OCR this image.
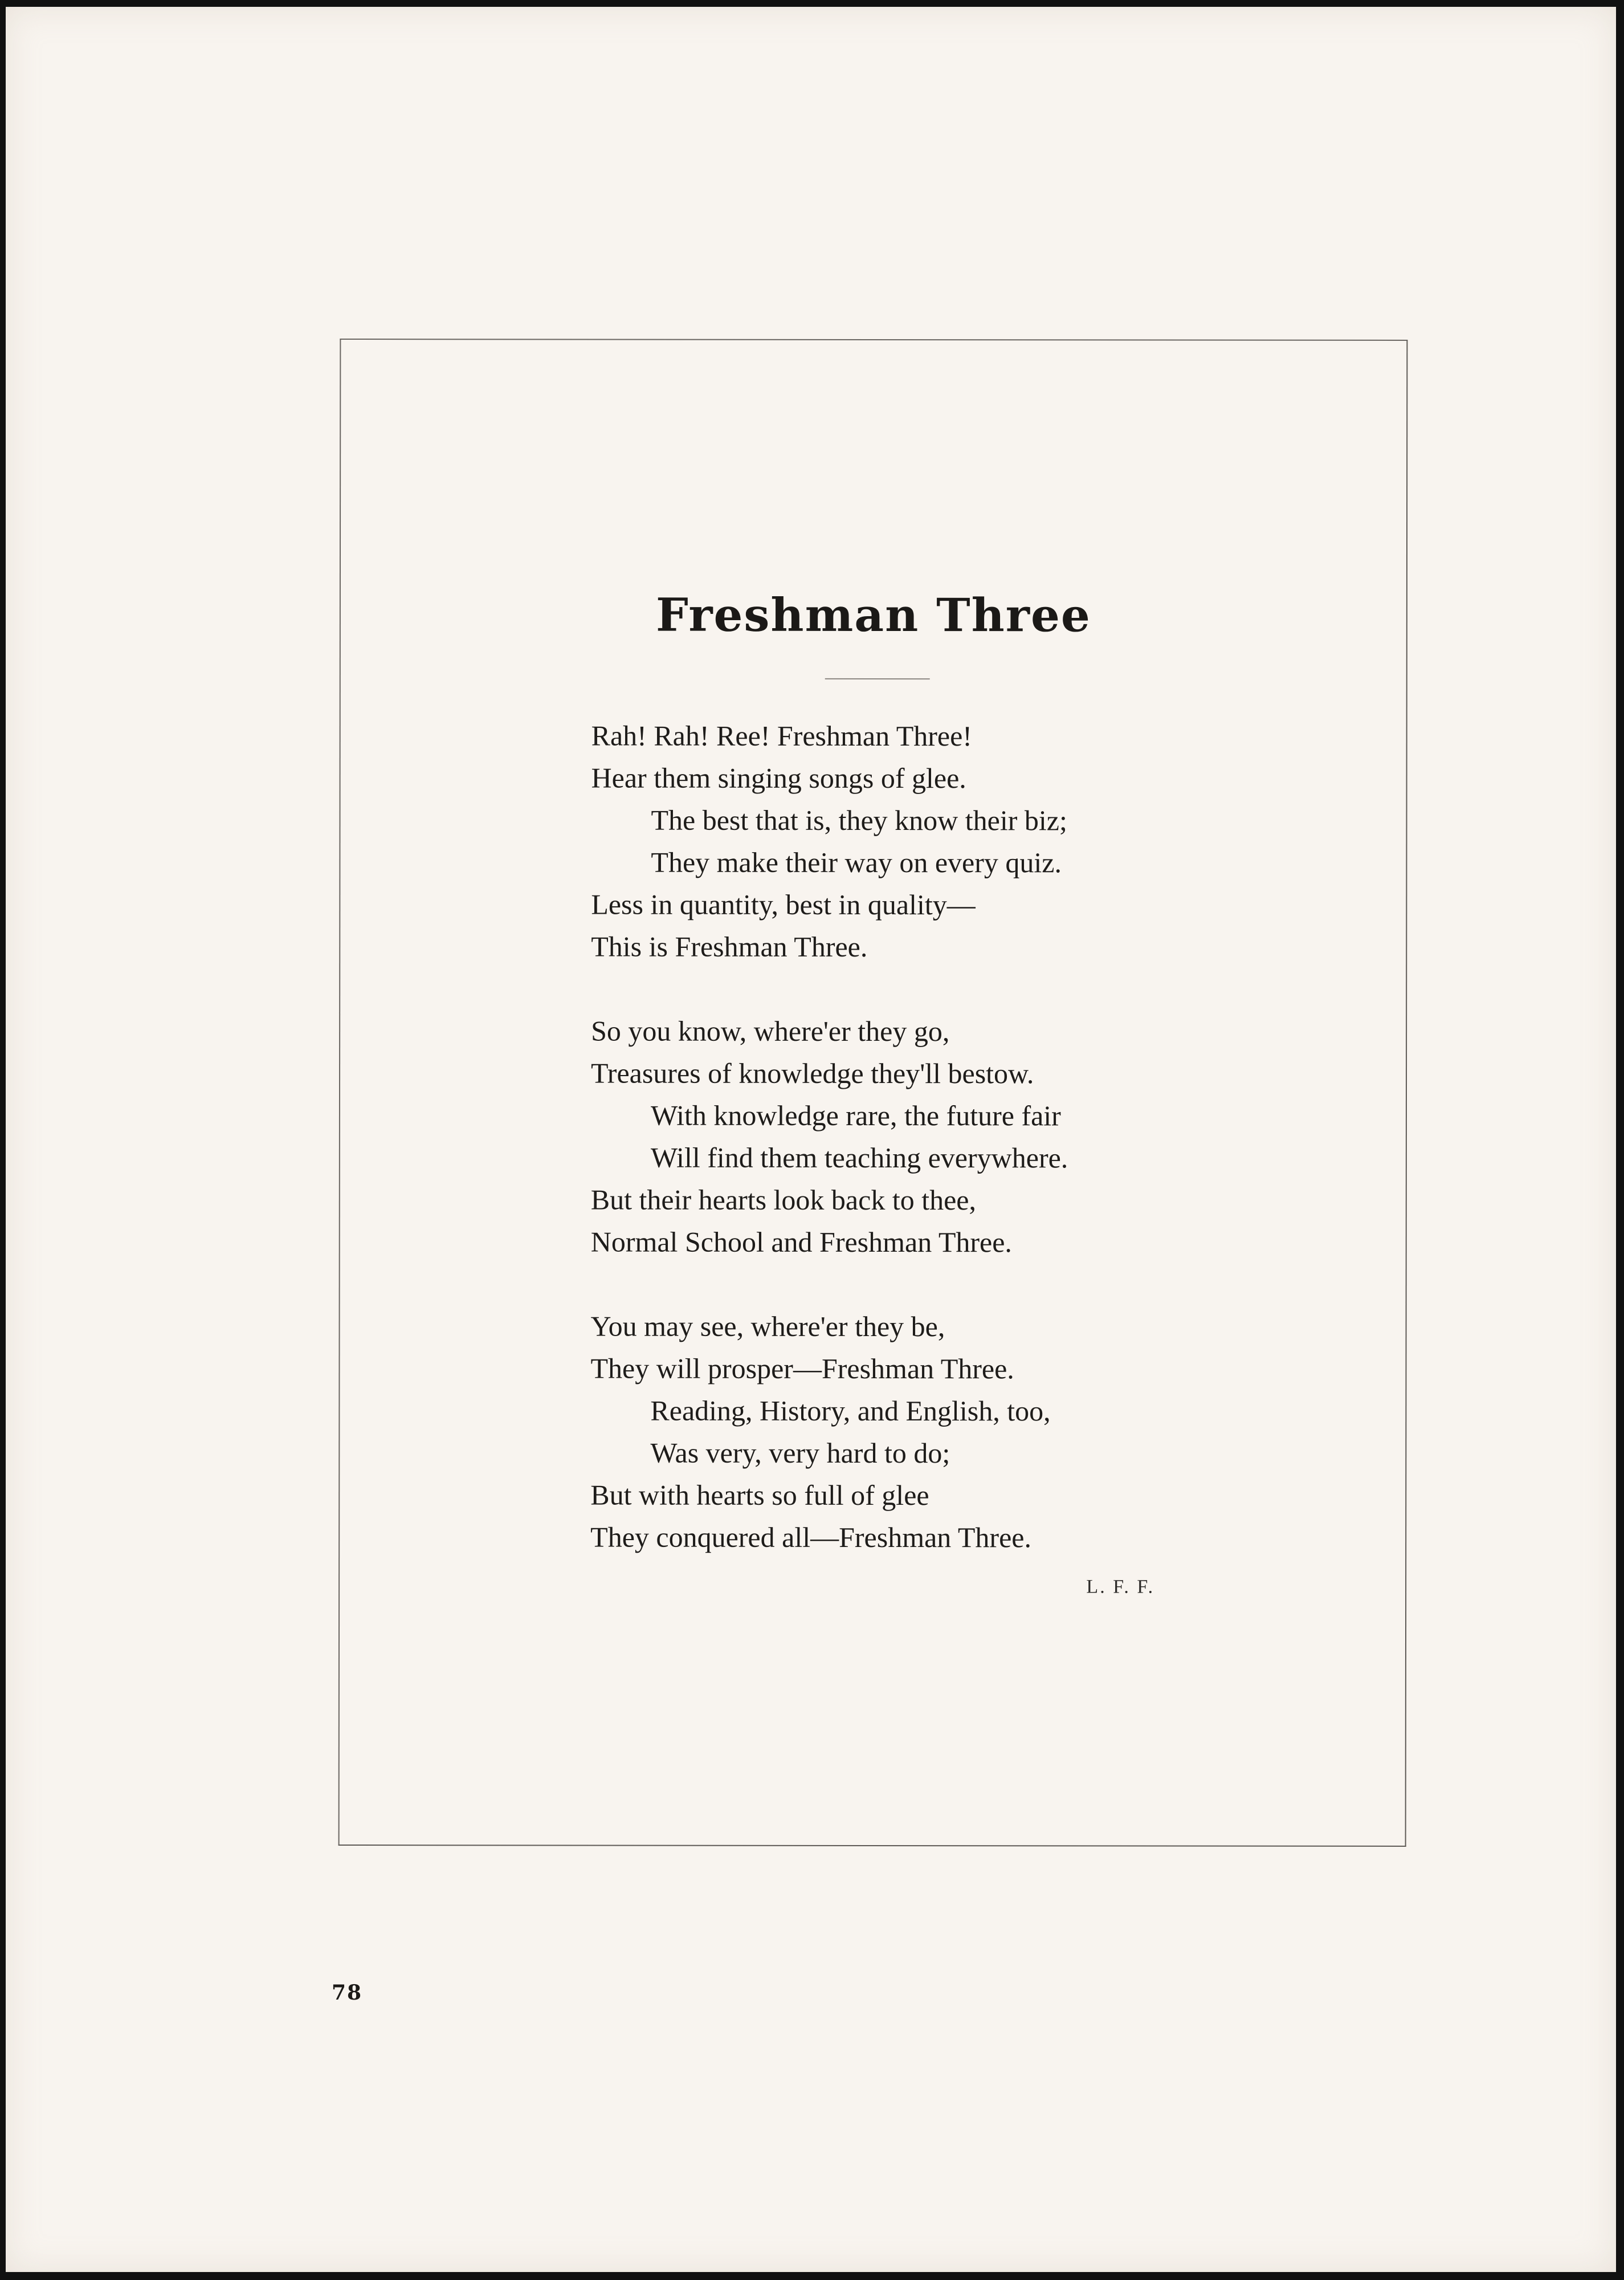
Freshman Three
Rah! Rah! Ree! Freshman Three!
Hear them singing songs of glee.
The best that is, they know their biz;
They make their way on every quiz.
Less in quantity, best in quality—
This is Freshman Three.
So you know, where'er they go,
Treasures of knowledge they'll bestow.
With knowledge rare, the future fair
Will find them teaching everywhere.
But their hearts look back to thee,
Normal School and Freshman Three.
You may see, where'er they be,
They will prosper—Freshman Three.
Reading, History, and English, too,
Was very, very hard to do;
But with hearts so full of glee
They conquered all—Freshman Three.
L. F. F.
78
